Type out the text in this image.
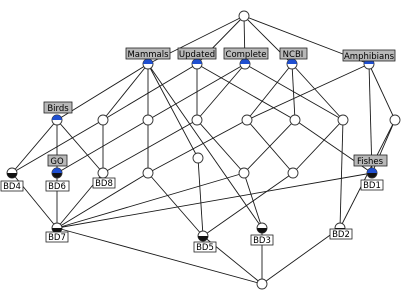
Mammals Updated Complete NCBI	Amphibians
Birds
BD4
GO
BD6	BD8
Fishes
BD1
BD7
BD5
BD3
BD2
